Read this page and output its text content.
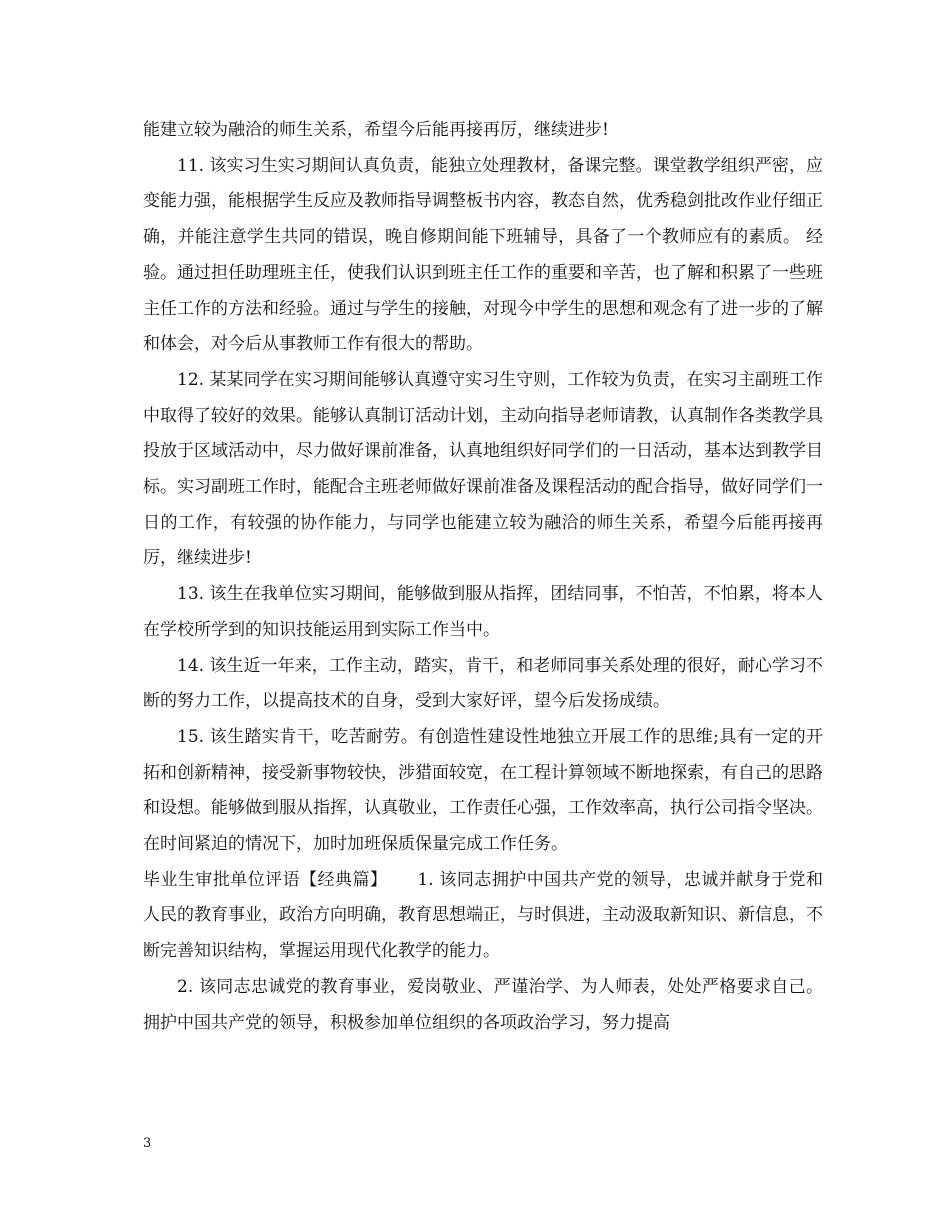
能建立较为融洽的师生关系，希望今后能再接再厉，继续进步!

11. 该实习生实习期间认真负责，能独立处理教材，备课完整。课堂教学组织严密，应变能力强，能根据学生反应及教师指导调整板书内容，教态自然，优秀稳剑批改作业仔细正确，并能注意学生共同的错误，晚自修期间能下班辅导，具备了一个教师应有的素质。 经验。通过担任助理班主任，使我们认识到班主任工作的重要和辛苦，也了解和积累了一些班主任工作的方法和经验。通过与学生的接触，对现今中学生的思想和观念有了进一步的了解和体会，对今后从事教师工作有很大的帮助。

12. 某某同学在实习期间能够认真遵守实习生守则，工作较为负责，在实习主副班工作中取得了较好的效果。能够认真制订活动计划，主动向指导老师请教，认真制作各类教学具投放于区域活动中，尽力做好课前准备，认真地组织好同学们的一日活动，基本达到教学目标。实习副班工作时，能配合主班老师做好课前准备及课程活动的配合指导，做好同学们一日的工作，有较强的协作能力，与同学也能建立较为融洽的师生关系，希望今后能再接再厉，继续进步!

13. 该生在我单位实习期间，能够做到服从指挥，团结同事，不怕苦，不怕累，将本人在学校所学到的知识技能运用到实际工作当中。

14. 该生近一年来，工作主动，踏实，肯干，和老师同事关系处理的很好，耐心学习不断的努力工作，以提高技术的自身，受到大家好评，望今后发扬成绩。

15. 该生踏实肯干，吃苦耐劳。有创造性建设性地独立开展工作的思维;具有一定的开拓和创新精神，接受新事物较快，涉猎面较宽，在工程计算领域不断地探索，有自己的思路和设想。能够做到服从指挥，认真敬业，工作责任心强，工作效率高，执行公司指令坚决。在时间紧迫的情况下，加时加班保质保量完成工作任务。

毕业生审批单位评语【经典篇】 1. 该同志拥护中国共产党的领导，忠诚并献身于党和人民的教育事业，政治方向明确，教育思想端正，与时俱进，主动汲取新知识、新信息，不断完善知识结构，掌握运用现代化教学的能力。

2. 该同志忠诚党的教育事业，爱岗敬业、严谨治学、为人师表，处处严格要求自己。拥护中国共产党的领导，积极参加单位组织的各项政治学习，努力提高

3
